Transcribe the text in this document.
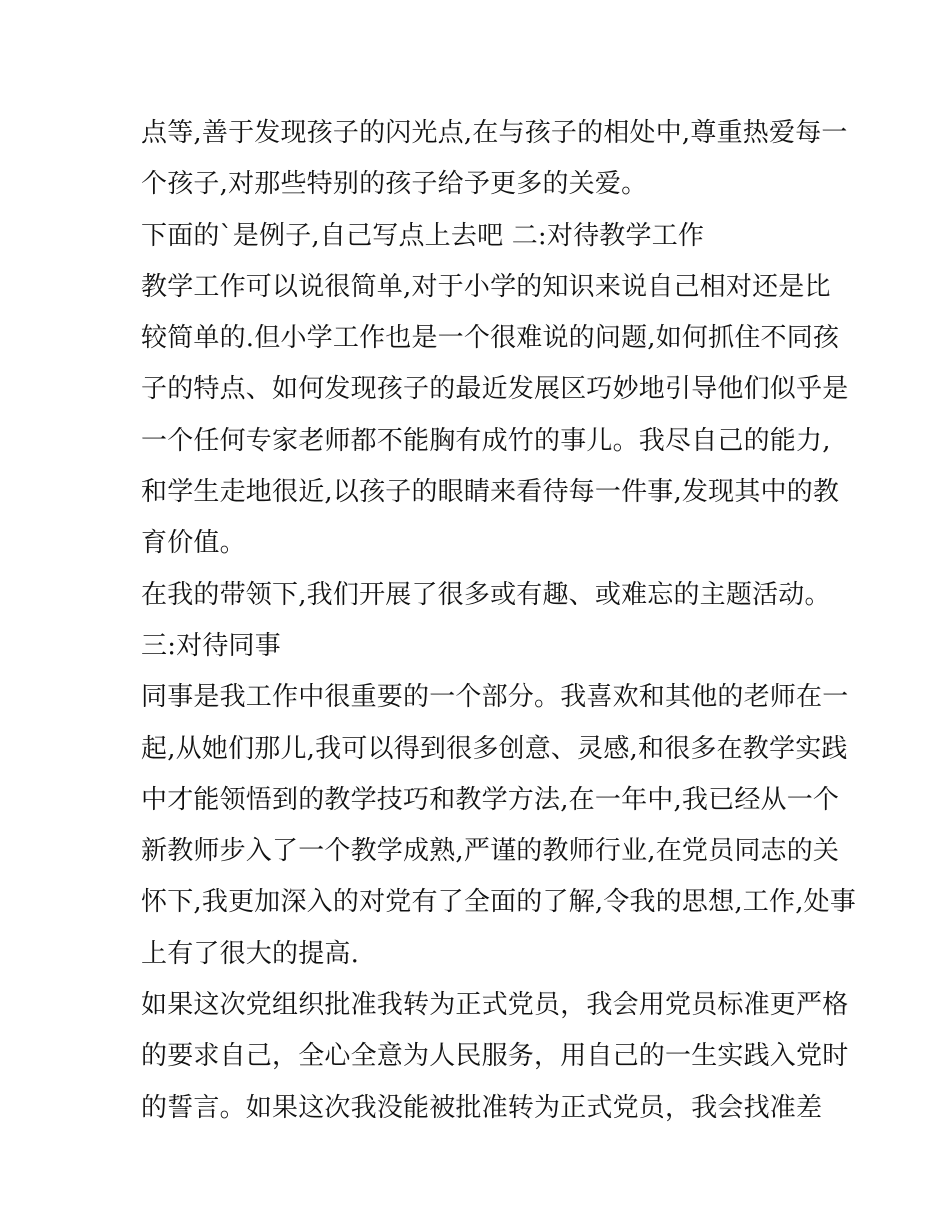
点等,善于发现孩子的闪光点,在与孩子的相处中,尊重热爱每一
个孩子,对那些特别的孩子给予更多的关爱。
下面的`是例子,自己写点上去吧 二:对待教学工作
教学工作可以说很简单,对于小学的知识来说自己相对还是比
较简单的.但小学工作也是一个很难说的问题,如何抓住不同孩
子的特点、如何发现孩子的最近发展区巧妙地引导他们似乎是
一个任何专家老师都不能胸有成竹的事儿。我尽自己的能力,
和学生走地很近,以孩子的眼睛来看待每一件事,发现其中的教
育价值。
在我的带领下,我们开展了很多或有趣、或难忘的主题活动。
三:对待同事
同事是我工作中很重要的一个部分。我喜欢和其他的老师在一
起,从她们那儿,我可以得到很多创意、灵感,和很多在教学实践
中才能领悟到的教学技巧和教学方法,在一年中,我已经从一个
新教师步入了一个教学成熟,严谨的教师行业,在党员同志的关
怀下,我更加深入的对党有了全面的了解,令我的思想,工作,处事
上有了很大的提高.
如果这次党组织批准我转为正式党员，我会用党员标准更严格
的要求自己，全心全意为人民服务，用自己的一生实践入党时
的誓言。如果这次我没能被批准转为正式党员，我会找准差
